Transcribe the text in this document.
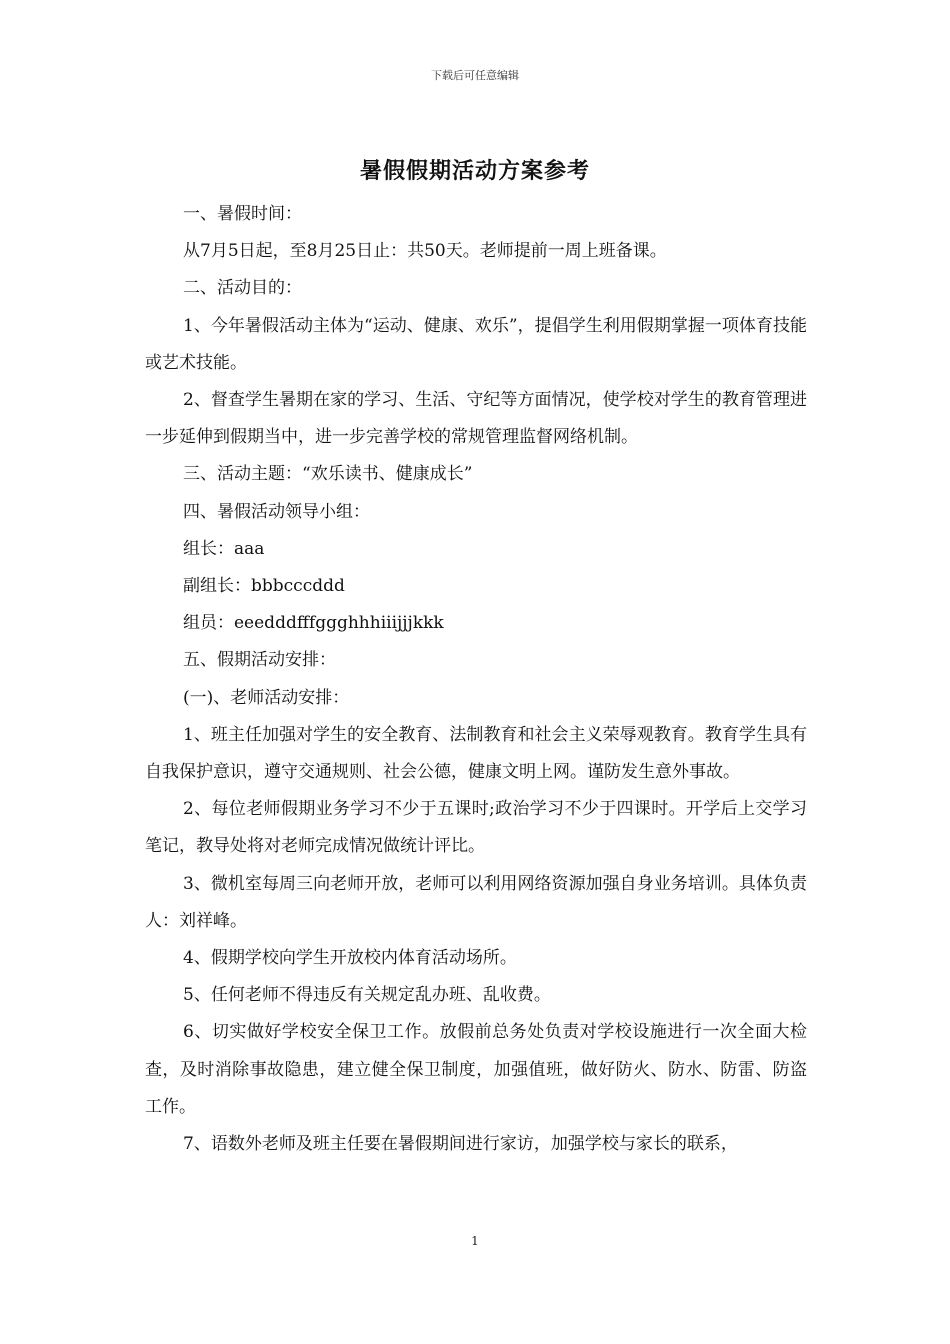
下载后可任意编辑
暑假假期活动方案参考

一、暑假时间：

从7月5日起，至8月25日止：共50天。老师提前一周上班备课。

二、活动目的：

1、今年暑假活动主体为“运动、健康、欢乐”，提倡学生利用假期掌握一项体育技能或艺术技能。

2、督查学生暑期在家的学习、生活、守纪等方面情况，使学校对学生的教育管理进一步延伸到假期当中，进一步完善学校的常规管理监督网络机制。

三、活动主题：“欢乐读书、健康成长”

四、暑假活动领导小组：

组长：aaa

副组长：bbbcccddd

组员：eeedddfffggghhhiiijjjkkk

五、假期活动安排：

(一)、老师活动安排：

1、班主任加强对学生的安全教育、法制教育和社会主义荣辱观教育。教育学生具有自我保护意识，遵守交通规则、社会公德，健康文明上网。谨防发生意外事故。

2、每位老师假期业务学习不少于五课时;政治学习不少于四课时。开学后上交学习笔记，教导处将对老师完成情况做统计评比。

3、微机室每周三向老师开放，老师可以利用网络资源加强自身业务培训。具体负责人：刘祥峰。

4、假期学校向学生开放校内体育活动场所。

5、任何老师不得违反有关规定乱办班、乱收费。

6、切实做好学校安全保卫工作。放假前总务处负责对学校设施进行一次全面大检查，及时消除事故隐患，建立健全保卫制度，加强值班，做好防火、防水、防雷、防盗工作。

7、语数外老师及班主任要在暑假期间进行家访，加强学校与家长的联系，

1
